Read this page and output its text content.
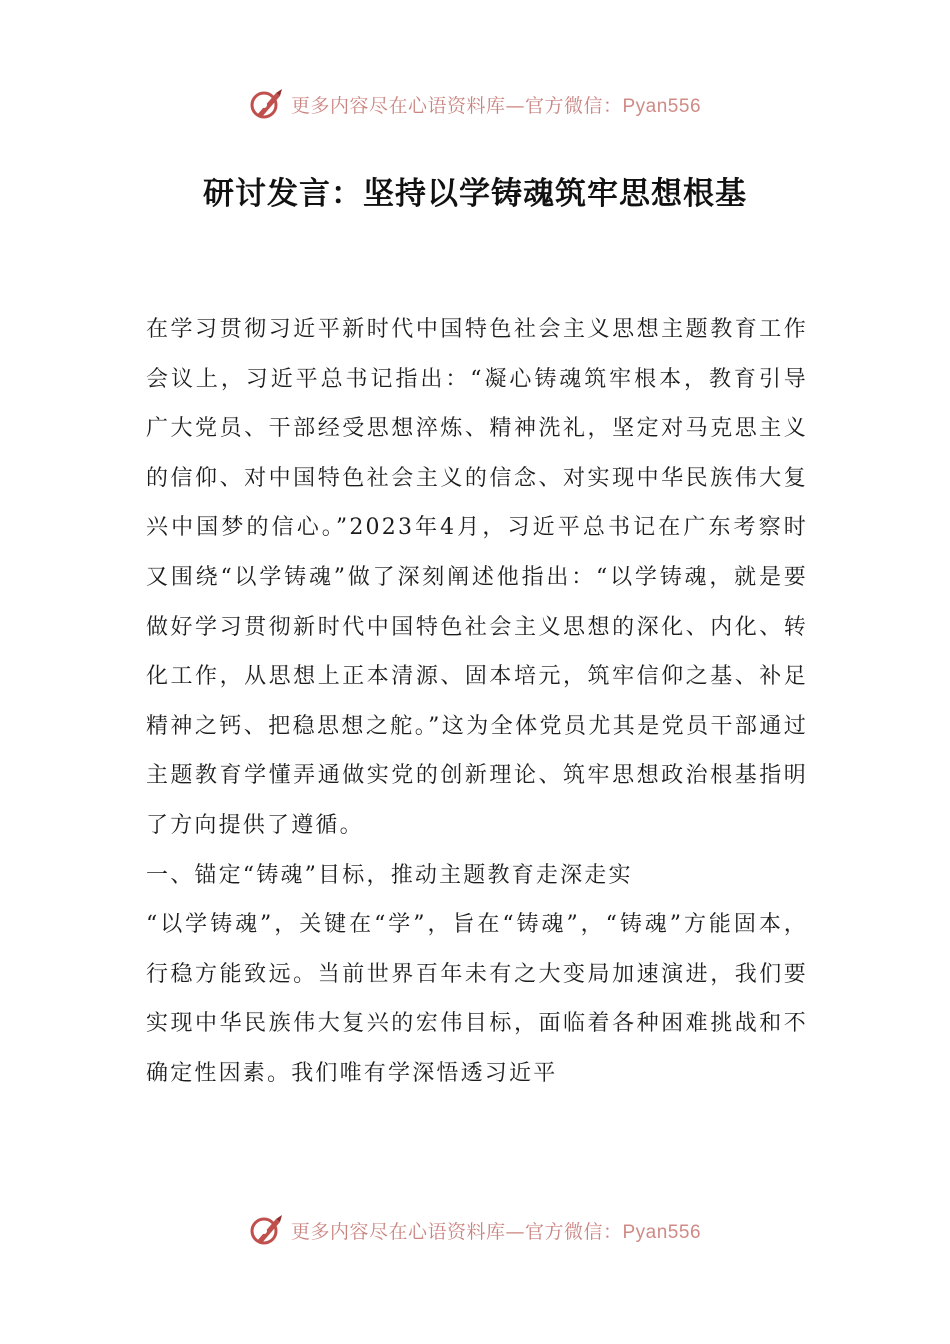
更多内容尽在心语资料库—官方微信：Pyan556
研讨发言：坚持以学铸魂筑牢思想根基

在学习贯彻习近平新时代中国特色社会主义思想主题教育工作会议上，习近平总书记指出：“凝心铸魂筑牢根本，教育引导广大党员、干部经受思想淬炼、精神洗礼，坚定对马克思主义的信仰、对中国特色社会主义的信念、对实现中华民族伟大复兴中国梦的信心。”2023年4月，习近平总书记在广东考察时又围绕“以学铸魂”做了深刻阐述他指出：“以学铸魂，就是要做好学习贯彻新时代中国特色社会主义思想的深化、内化、转化工作，从思想上正本清源、固本培元，筑牢信仰之基、补足精神之钙、把稳思想之舵。”这为全体党员尤其是党员干部通过主题教育学懂弄通做实党的创新理论、筑牢思想政治根基指明了方向提供了遵循。

一、锚定“铸魂”目标，推动主题教育走深走实

“以学铸魂”，关键在“学”，旨在“铸魂”，“铸魂”方能固本，行稳方能致远。当前世界百年未有之大变局加速演进，我们要实现中华民族伟大复兴的宏伟目标，面临着各种困难挑战和不确定性因素。我们唯有学深悟透习近平

更多内容尽在心语资料库—官方微信：Pyan556
